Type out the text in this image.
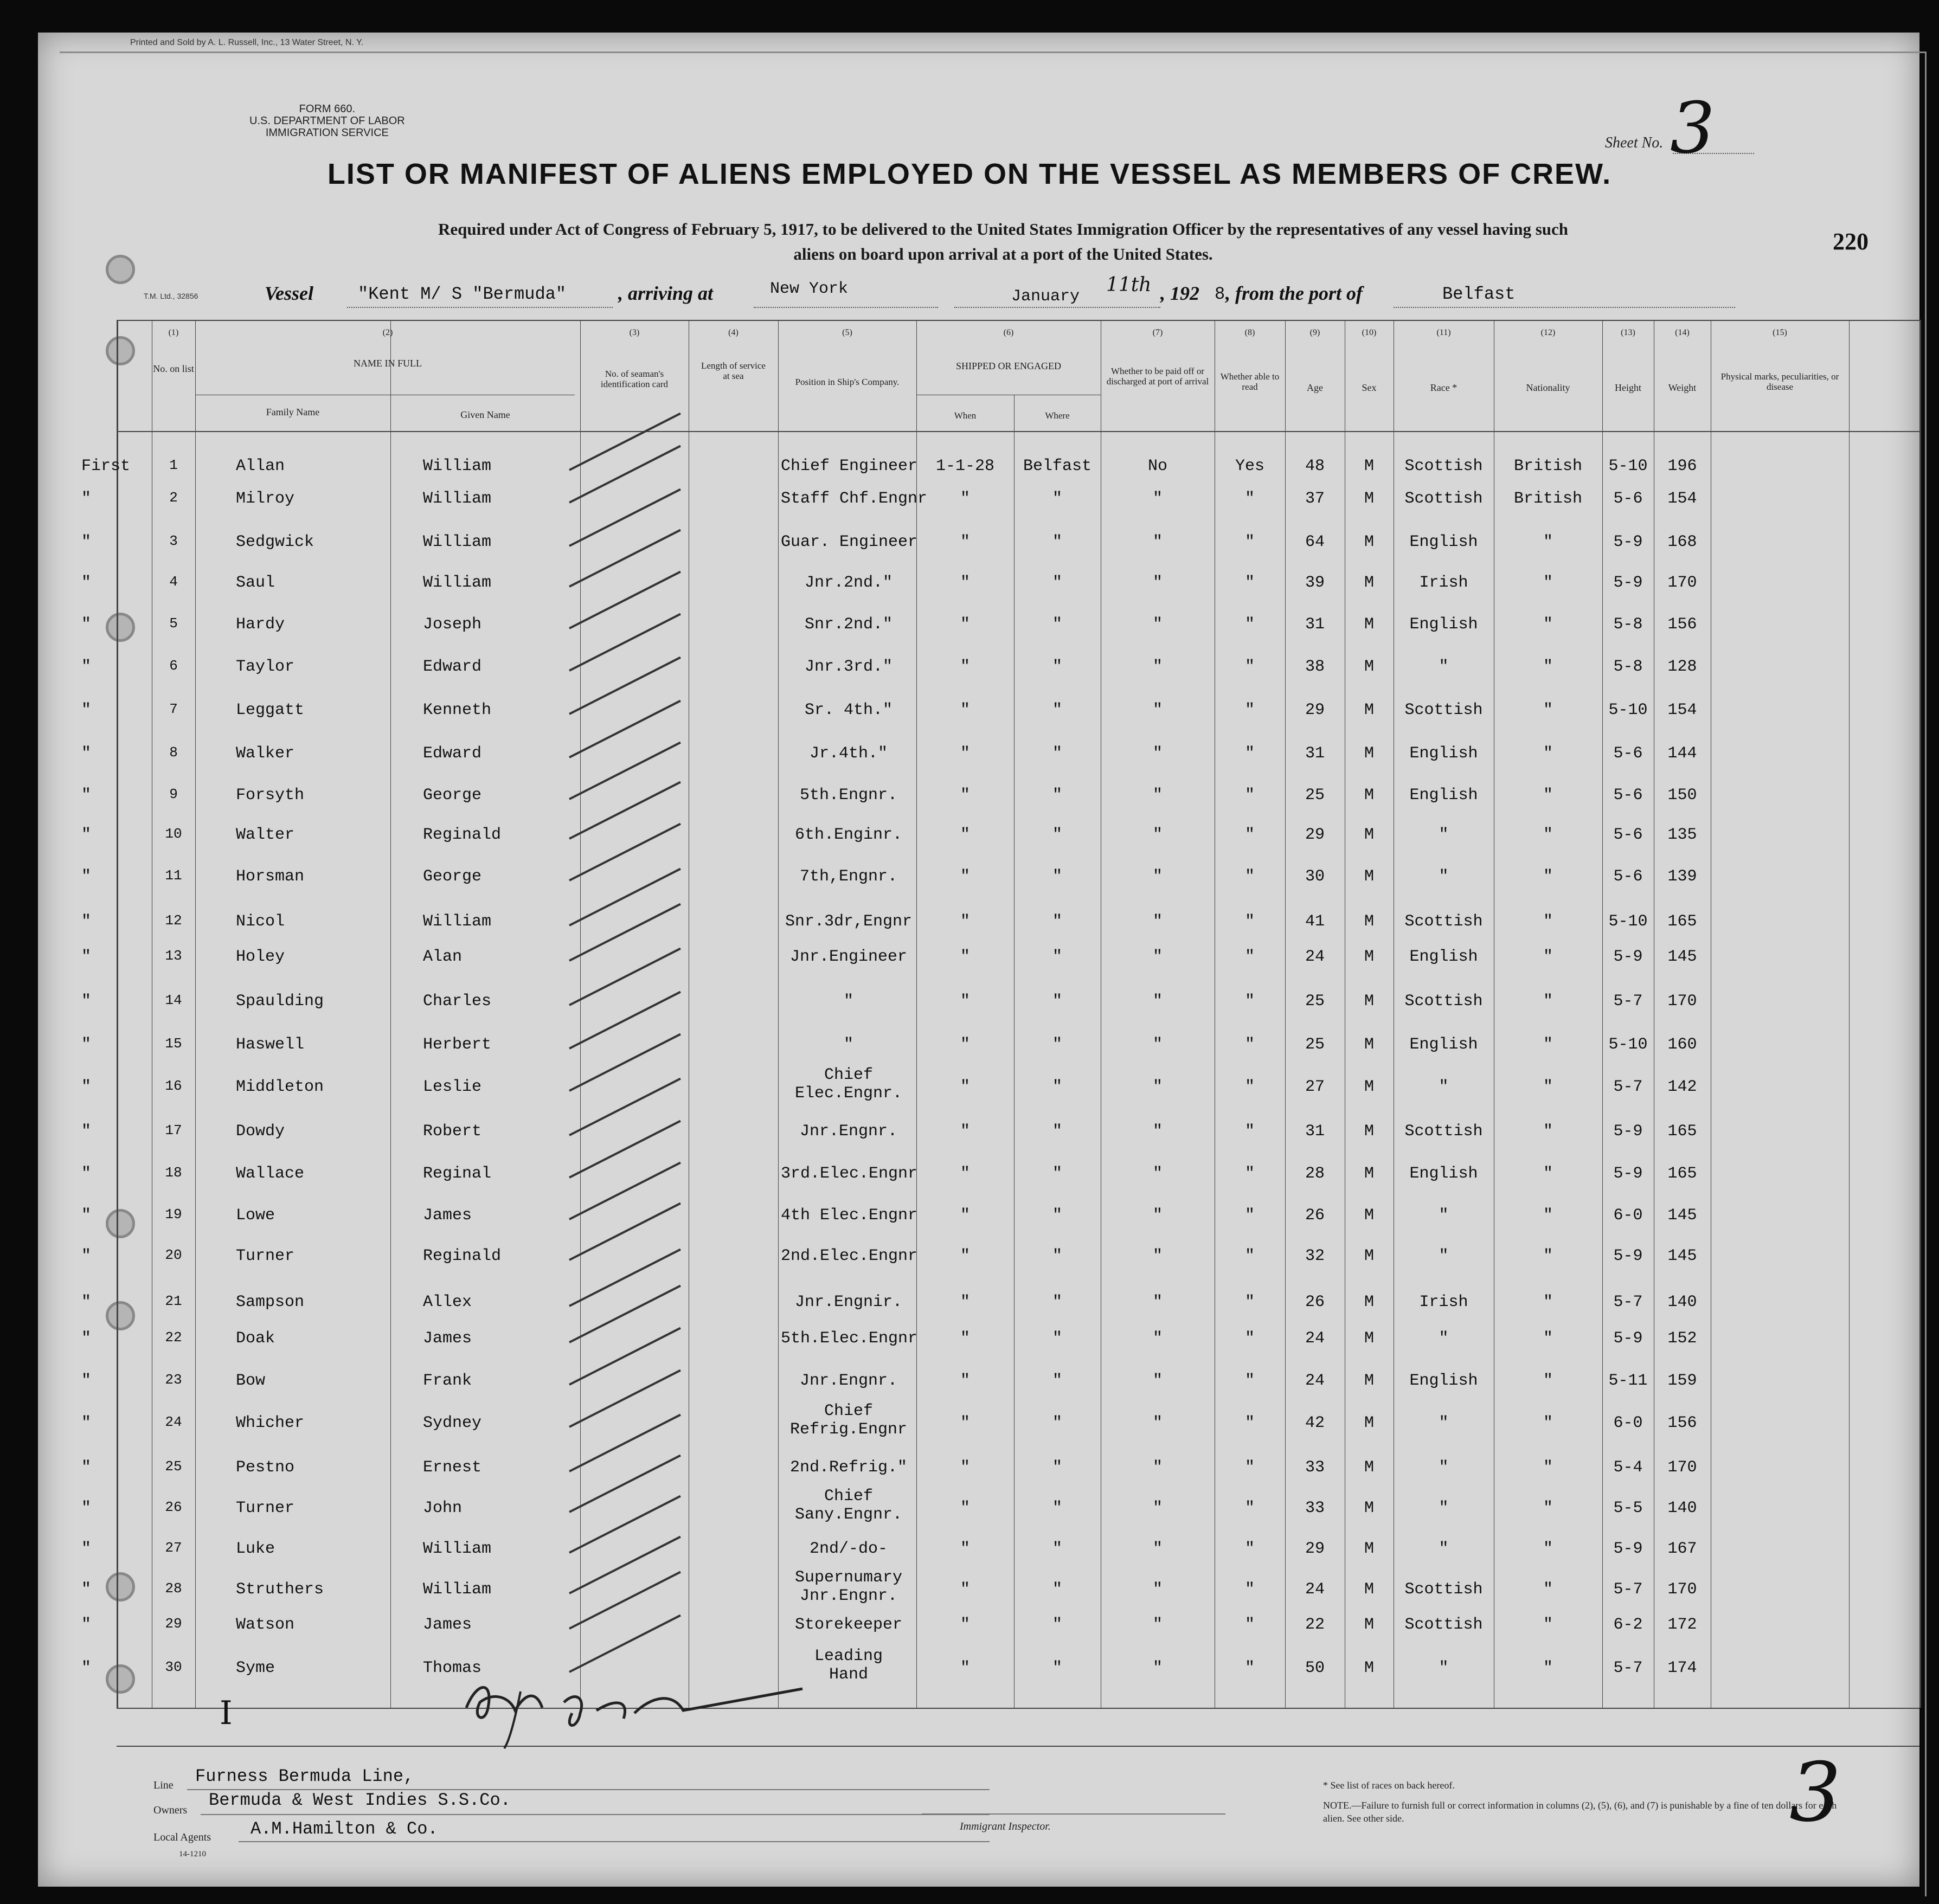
Printed and Sold by A. L. Russell, Inc., 13 Water Street, N. Y.
FORM 660.
U.S. DEPARTMENT OF LABOR
IMMIGRATION SERVICE
Sheet No. 3
220
LIST OR MANIFEST OF ALIENS EMPLOYED ON THE VESSEL AS MEMBERS OF CREW.
Required under Act of Congress of February 5, 1917, to be delivered to the United States Immigration Officer by the representatives of any vessel having such
aliens on board upon arrival at a port of the United States.
T.M. Ltd., 32856	Vessel	"Kent M/ S "Bermuda"	, arriving at	New York	January
11th , 192 8 , from the port of	Belfast
(1)
No. on list
(2)
NAME IN FULL
Family Name	Given Name
(3)
No. of seaman's identification card
(4)
Length of service at sea
(5)
Position in Ship's Company.
(6)
SHIPPED OR ENGAGED
When	Where
(7)
Whether to be paid off or discharged at port of arrival
(8)
Whether able to read
(9)
Age
(10)
Sex
(11)
Race *
(12)
Nationality
(13)
Height
(14)
Weight
(15)
Physical marks, peculiarities, or disease
First	1	Allan	William	Chief Engineer	1-1-28	Belfast	No	Yes	48	M	Scottish	British	5-10	196
"	2	Milroy	William	Staff Chf.Engnr	"	"	"	"	37	M	Scottish	British	5-6	154
"	3	Sedgwick	William	Guar. Engineer	"	"	"	"	64	M	English	"	5-9	168
"	4	Saul	William	Jnr.2nd."	"	"	"	"	39	M	Irish	"	5-9	170
"	5	Hardy	Joseph	Snr.2nd."	"	"	"	"	31	M	English	"	5-8	156
"	6	Taylor	Edward	Jnr.3rd."	"	"	"	"	38	M	"	"	5-8	128
"	7	Leggatt	Kenneth	Sr. 4th."	"	"	"	"	29	M	Scottish	"	5-10	154
"	8	Walker	Edward	Jr.4th."	"	"	"	"	31	M	English	"	5-6	144
"	9	Forsyth	George	5th.Engnr.	"	"	"	"	25	M	English	"	5-6	150
"	10	Walter	Reginald	6th.Enginr.	"	"	"	"	29	M	"	"	5-6	135
"	11	Horsman	George	7th,Engnr.	"	"	"	"	30	M	"	"	5-6	139
"	12	Nicol	William	Snr.3dr,Engnr	"	"	"	"	41	M	Scottish	"	5-10	165
"	13	Holey	Alan	Jnr.Engineer	"	"	"	"	24	M	English	"	5-9	145
"	14	Spaulding	Charles	"	"	"	"	"	25	M	Scottish	"	5-7	170
"	15	Haswell	Herbert	"	"	"	"	"	25	M	English	"	5-10	160
"	16	Middleton	Leslie
Chief
Elec.Engnr.	"	"	"	"	27	M	"	"	5-7	142
"	17	Dowdy	Robert	Jnr.Engnr.	"	"	"	"	31	M	Scottish	"	5-9	165
"	18	Wallace	Reginal	3rd.Elec.Engnr	"	"	"	"	28	M	English	"	5-9	165
"	19	Lowe	James	4th Elec.Engnr	"	"	"	"	26	M	"	"	6-0	145
"	20	Turner	Reginald	2nd.Elec.Engnr	"	"	"	"	32	M	"	"	5-9	145
"	21	Sampson	Allex	Jnr.Engnir.	"	"	"	"	26	M	Irish	"	5-7	140
"	22	Doak	James	5th.Elec.Engnr	"	"	"	"	24	M	"	"	5-9	152
"	23	Bow	Frank	Jnr.Engnr.	"	"	"	"	24	M	English	"	5-11	159
"	24	Whicher	Sydney
Chief
Refrig.Engnr	"	"	"	"	42	M	"	"	6-0	156
"	25	Pestno	Ernest	2nd.Refrig."	"	"	"	"	33	M	"	"	5-4	170
"	26	Turner	John
Chief
Sany.Engnr.	"	"	"	"	33	M	"	"	5-5	140
"	27	Luke	William	2nd/-do-	"	"	"	"	29	M	"	"	5-9	167
"	28	Struthers	William
Supernumary
Jnr.Engnr.	"	"	"	"	24	M	Scottish	"	5-7	170
"	29	Watson	James	Storekeeper	"	"	"	"	22	M	Scottish	"	6-2	172
"	30	Syme	Thomas
Leading
Hand	"	"	"	"	50	M	"	"	5-7	174
Line Furness Bermuda Line,
Owners Bermuda & West Indies S.S.Co.
Local Agents A.M.Hamilton & Co.
14-1210
Immigrant Inspector.
* See list of races on back hereof.
NOTE.—Failure to furnish full or correct information in columns (2), (5), (6), and (7) is punishable by a fine of ten dollars for each alien. See other side.	3
I
